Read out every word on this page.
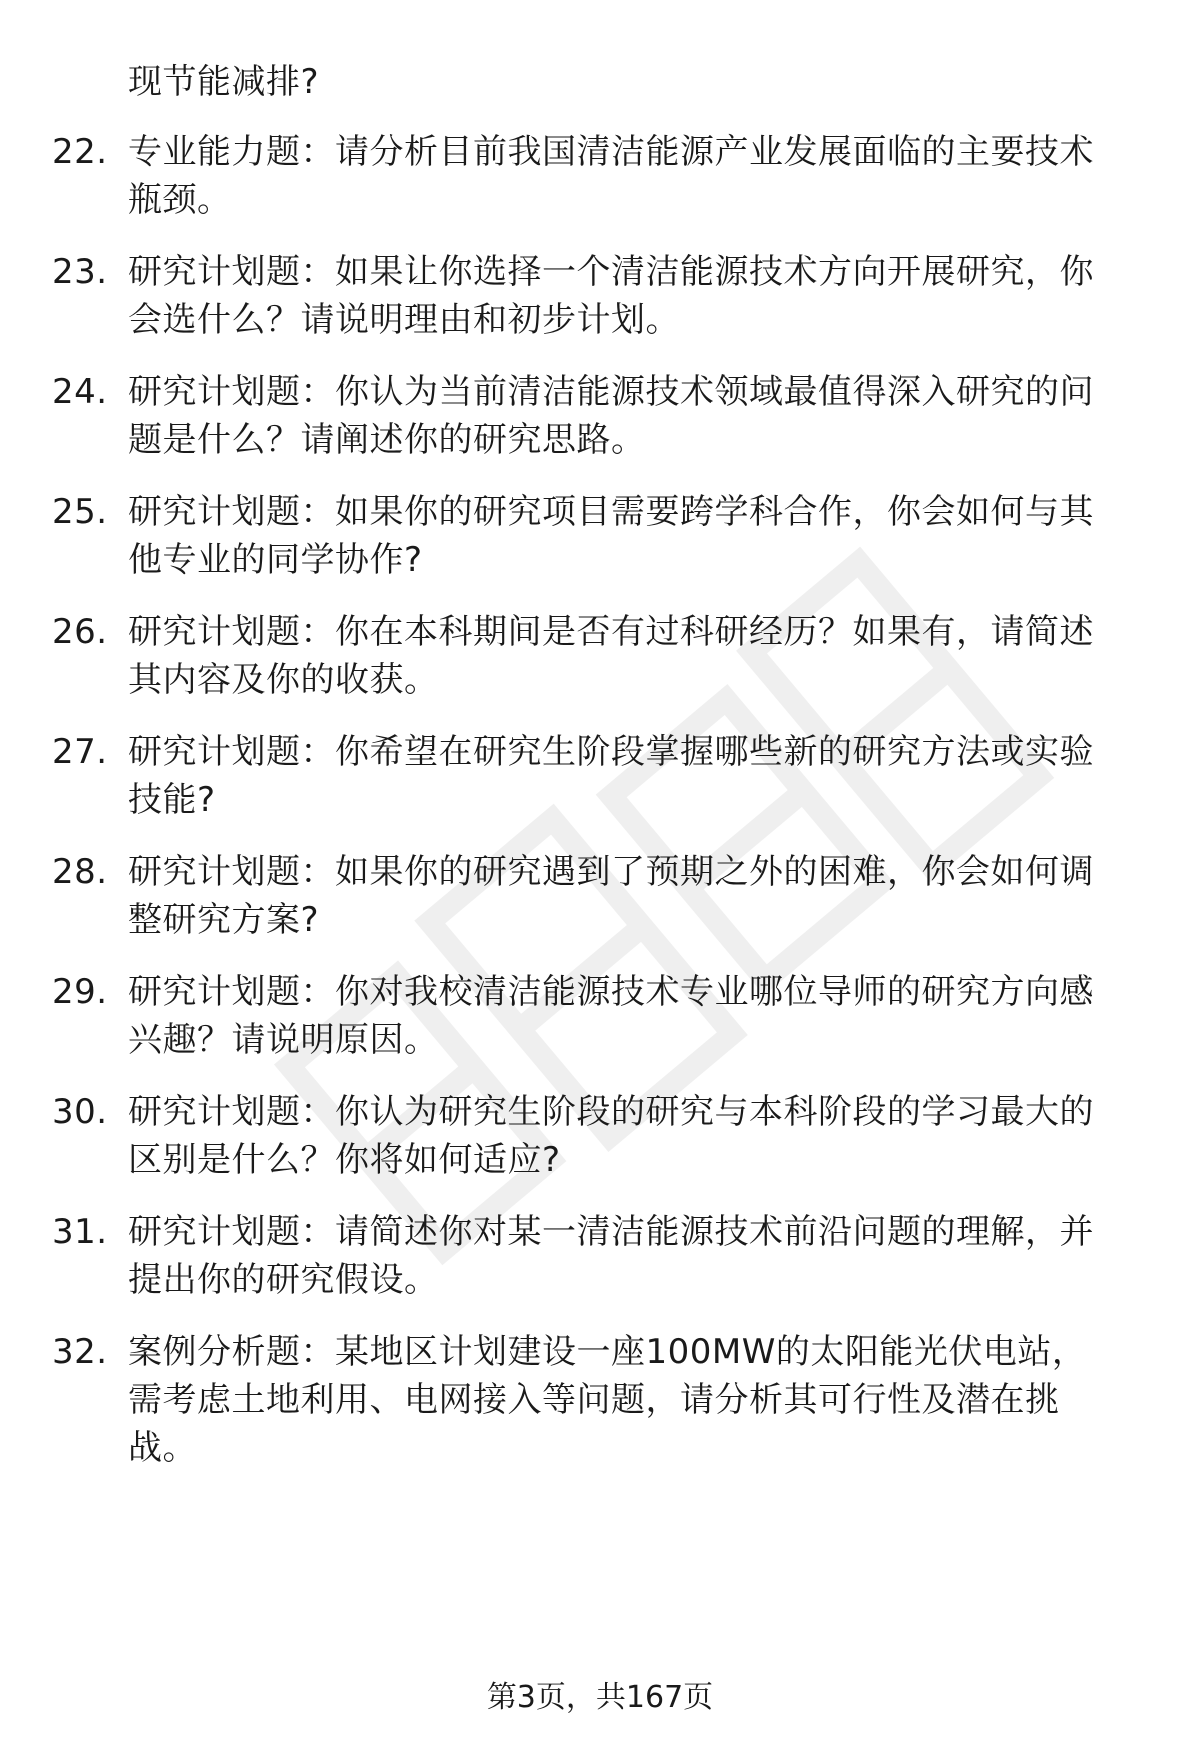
现节能减排?
22. 专业能力题：请分析目前我国清洁能源产业发展面临的主要技术
瓶颈。
23. 研究计划题：如果让你选择一个清洁能源技术方向开展研究，你
会选什么？请说明理由和初步计划。
24. 研究计划题：你认为当前清洁能源技术领域最值得深入研究的问
题是什么？请阐述你的研究思路。
25. 研究计划题：如果你的研究项目需要跨学科合作，你会如何与其
他专业的同学协作?
26. 研究计划题：你在本科期间是否有过科研经历？如果有，请简述
其内容及你的收获。
27. 研究计划题：你希望在研究生阶段掌握哪些新的研究方法或实验
技能?
28. 研究计划题：如果你的研究遇到了预期之外的困难，你会如何调
整研究方案?
29. 研究计划题：你对我校清洁能源技术专业哪位导师的研究方向感
兴趣？请说明原因。
30. 研究计划题：你认为研究生阶段的研究与本科阶段的学习最大的
区别是什么？你将如何适应?
31. 研究计划题：请简述你对某一清洁能源技术前沿问题的理解，并
提出你的研究假设。
32. 案例分析题：某地区计划建设一座100MW的太阳能光伏电站，
需考虑土地利用、电网接入等问题，请分析其可行性及潜在挑
战。
第3页，共167页
